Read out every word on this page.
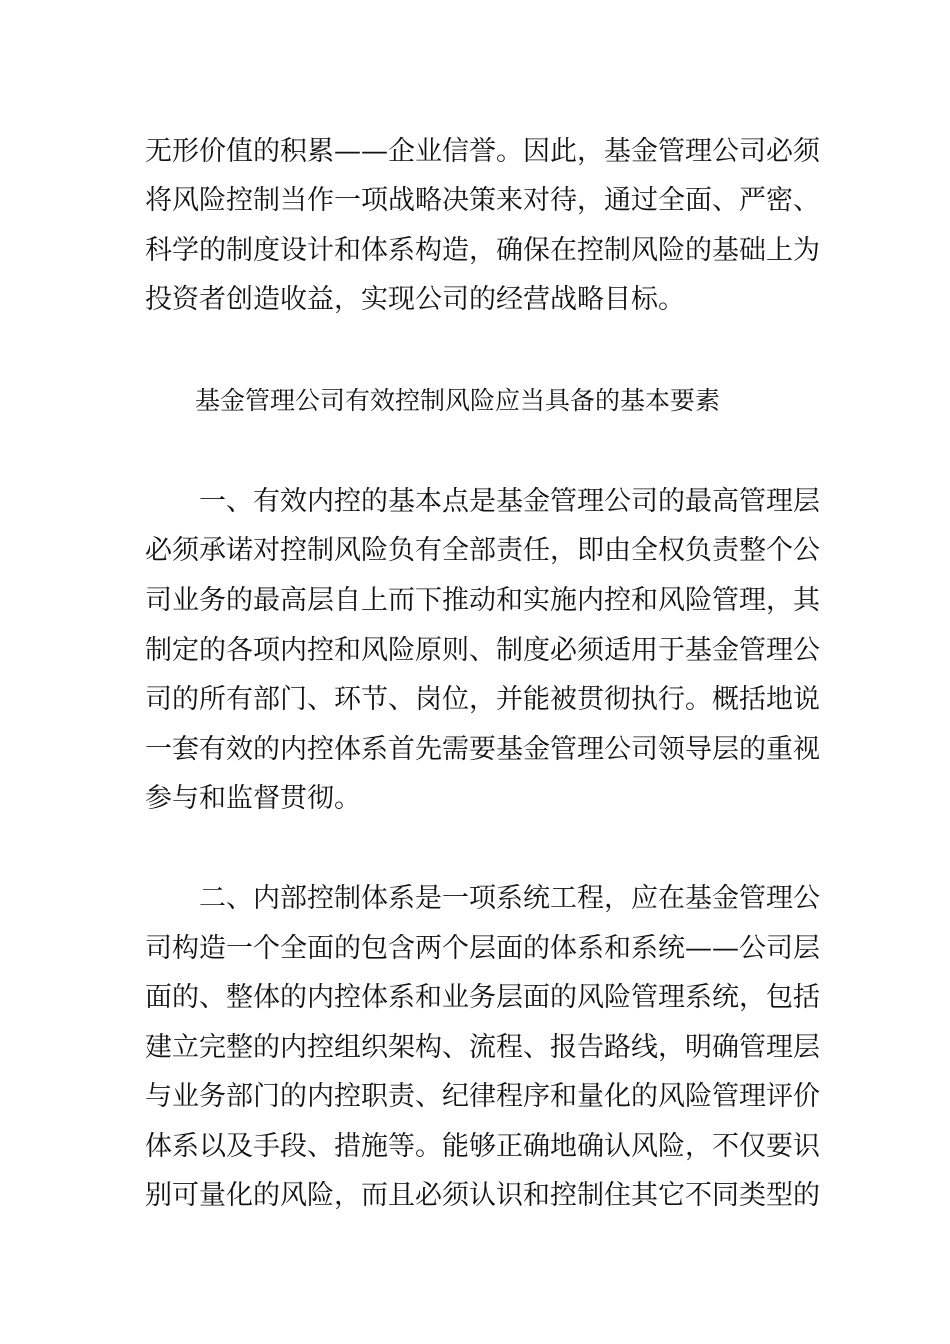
无形价值的积累——企业信誉。因此，基金管理公司必须

将风险控制当作一项战略决策来对待，通过全面、严密、

科学的制度设计和体系构造，确保在控制风险的基础上为

投资者创造收益，实现公司的经营战略目标。

基金管理公司有效控制风险应当具备的基本要素

　　一、有效内控的基本点是基金管理公司的最高管理层

必须承诺对控制风险负有全部责任，即由全权负责整个公

司业务的最高层自上而下推动和实施内控和风险管理，其

制定的各项内控和风险原则、制度必须适用于基金管理公

司的所有部门、环节、岗位，并能被贯彻执行。概括地说

一套有效的内控体系首先需要基金管理公司领导层的重视

参与和监督贯彻。

　　二、内部控制体系是一项系统工程，应在基金管理公

司构造一个全面的包含两个层面的体系和系统——公司层

面的、整体的内控体系和业务层面的风险管理系统，包括

建立完整的内控组织架构、流程、报告路线，明确管理层

与业务部门的内控职责、纪律程序和量化的风险管理评价

体系以及手段、措施等。能够正确地确认风险，不仅要识

别可量化的风险，而且必须认识和控制住其它不同类型的
